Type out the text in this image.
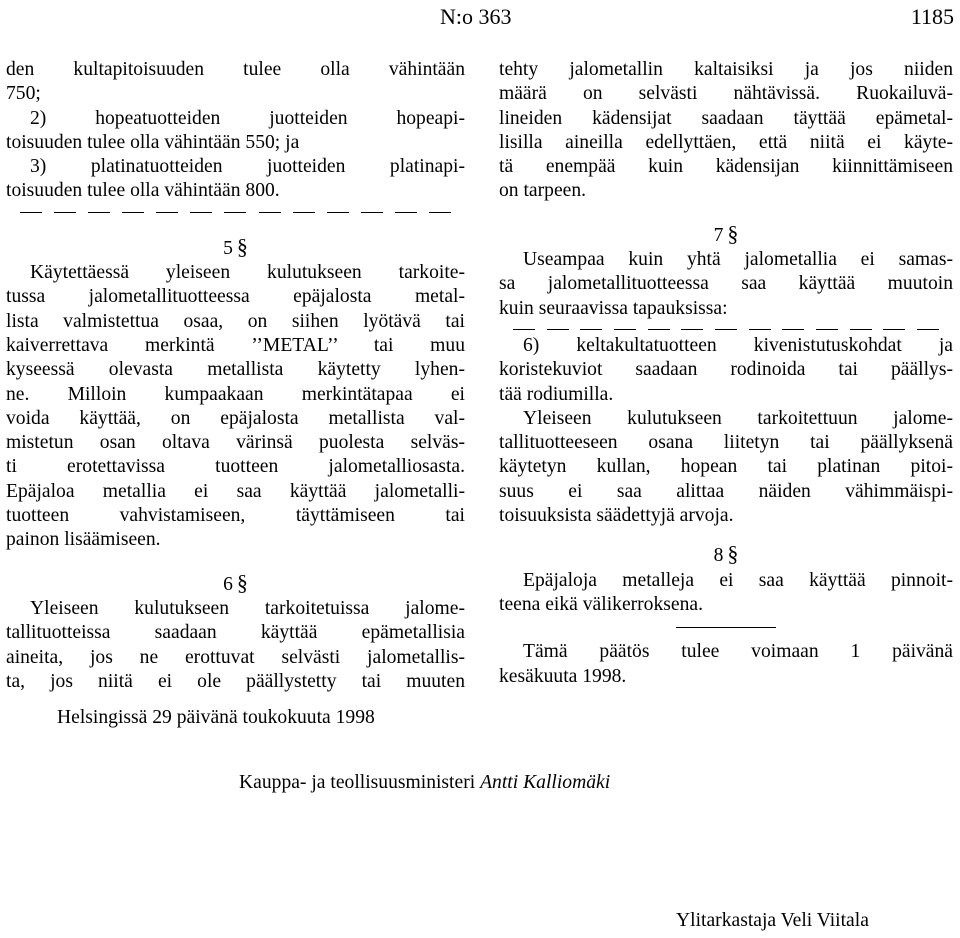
N:o 363	1185
den kultapitoisuuden tulee olla vähintään
750;
2) hopeatuotteiden juotteiden hopeapi-
toisuuden tulee olla vähintään 550; ja
3) platinatuotteiden juotteiden platinapi-
toisuuden tulee olla vähintään 800.
5 §
Käytettäessä yleiseen kulutukseen tarkoite-
tussa jalometallituotteessa epäjalosta metal-
lista valmistettua osaa, on siihen lyötävä tai
kaiverrettava merkintä ’’METAL’’ tai muu
kyseessä olevasta metallista käytetty lyhen-
ne. Milloin kumpaakaan merkintätapaa ei
voida käyttää, on epäjalosta metallista val-
mistetun osan oltava värinsä puolesta selväs-
ti erotettavissa tuotteen jalometalliosasta.
Epäjaloa metallia ei saa käyttää jalometalli-
tuotteen vahvistamiseen, täyttämiseen tai
painon lisäämiseen.
6 §
Yleiseen kulutukseen tarkoitetuissa jalome-
tallituotteissa saadaan käyttää epämetallisia
aineita, jos ne erottuvat selvästi jalometallis-
ta, jos niitä ei ole päällystetty tai muuten
tehty jalometallin kaltaisiksi ja jos niiden
määrä on selvästi nähtävissä. Ruokailuvä-
lineiden kädensijat saadaan täyttää epämetal-
lisilla aineilla edellyttäen, että niitä ei käyte-
tä enempää kuin kädensijan kiinnittämiseen
on tarpeen.
7 §
Useampaa kuin yhtä jalometallia ei samas-
sa jalometallituotteessa saa käyttää muutoin
kuin seuraavissa tapauksissa:
6) keltakultatuotteen kivenistutuskohdat ja
koristekuviot saadaan rodinoida tai päällys-
tää rodiumilla.
Yleiseen kulutukseen tarkoitettuun jalome-
tallituotteeseen osana liitetyn tai päällyksenä
käytetyn kullan, hopean tai platinan pitoi-
suus ei saa alittaa näiden vähimmäispi-
toisuuksista säädettyjä arvoja.
8 §
Epäjaloja metalleja ei saa käyttää pinnoit-
teena eikä välikerroksena.
Tämä päätös tulee voimaan 1 päivänä
kesäkuuta 1998.
Helsingissä 29 päivänä toukokuuta 1998
Kauppa- ja teollisuusministeri Antti Kalliomäki
Ylitarkastaja Veli Viitala
